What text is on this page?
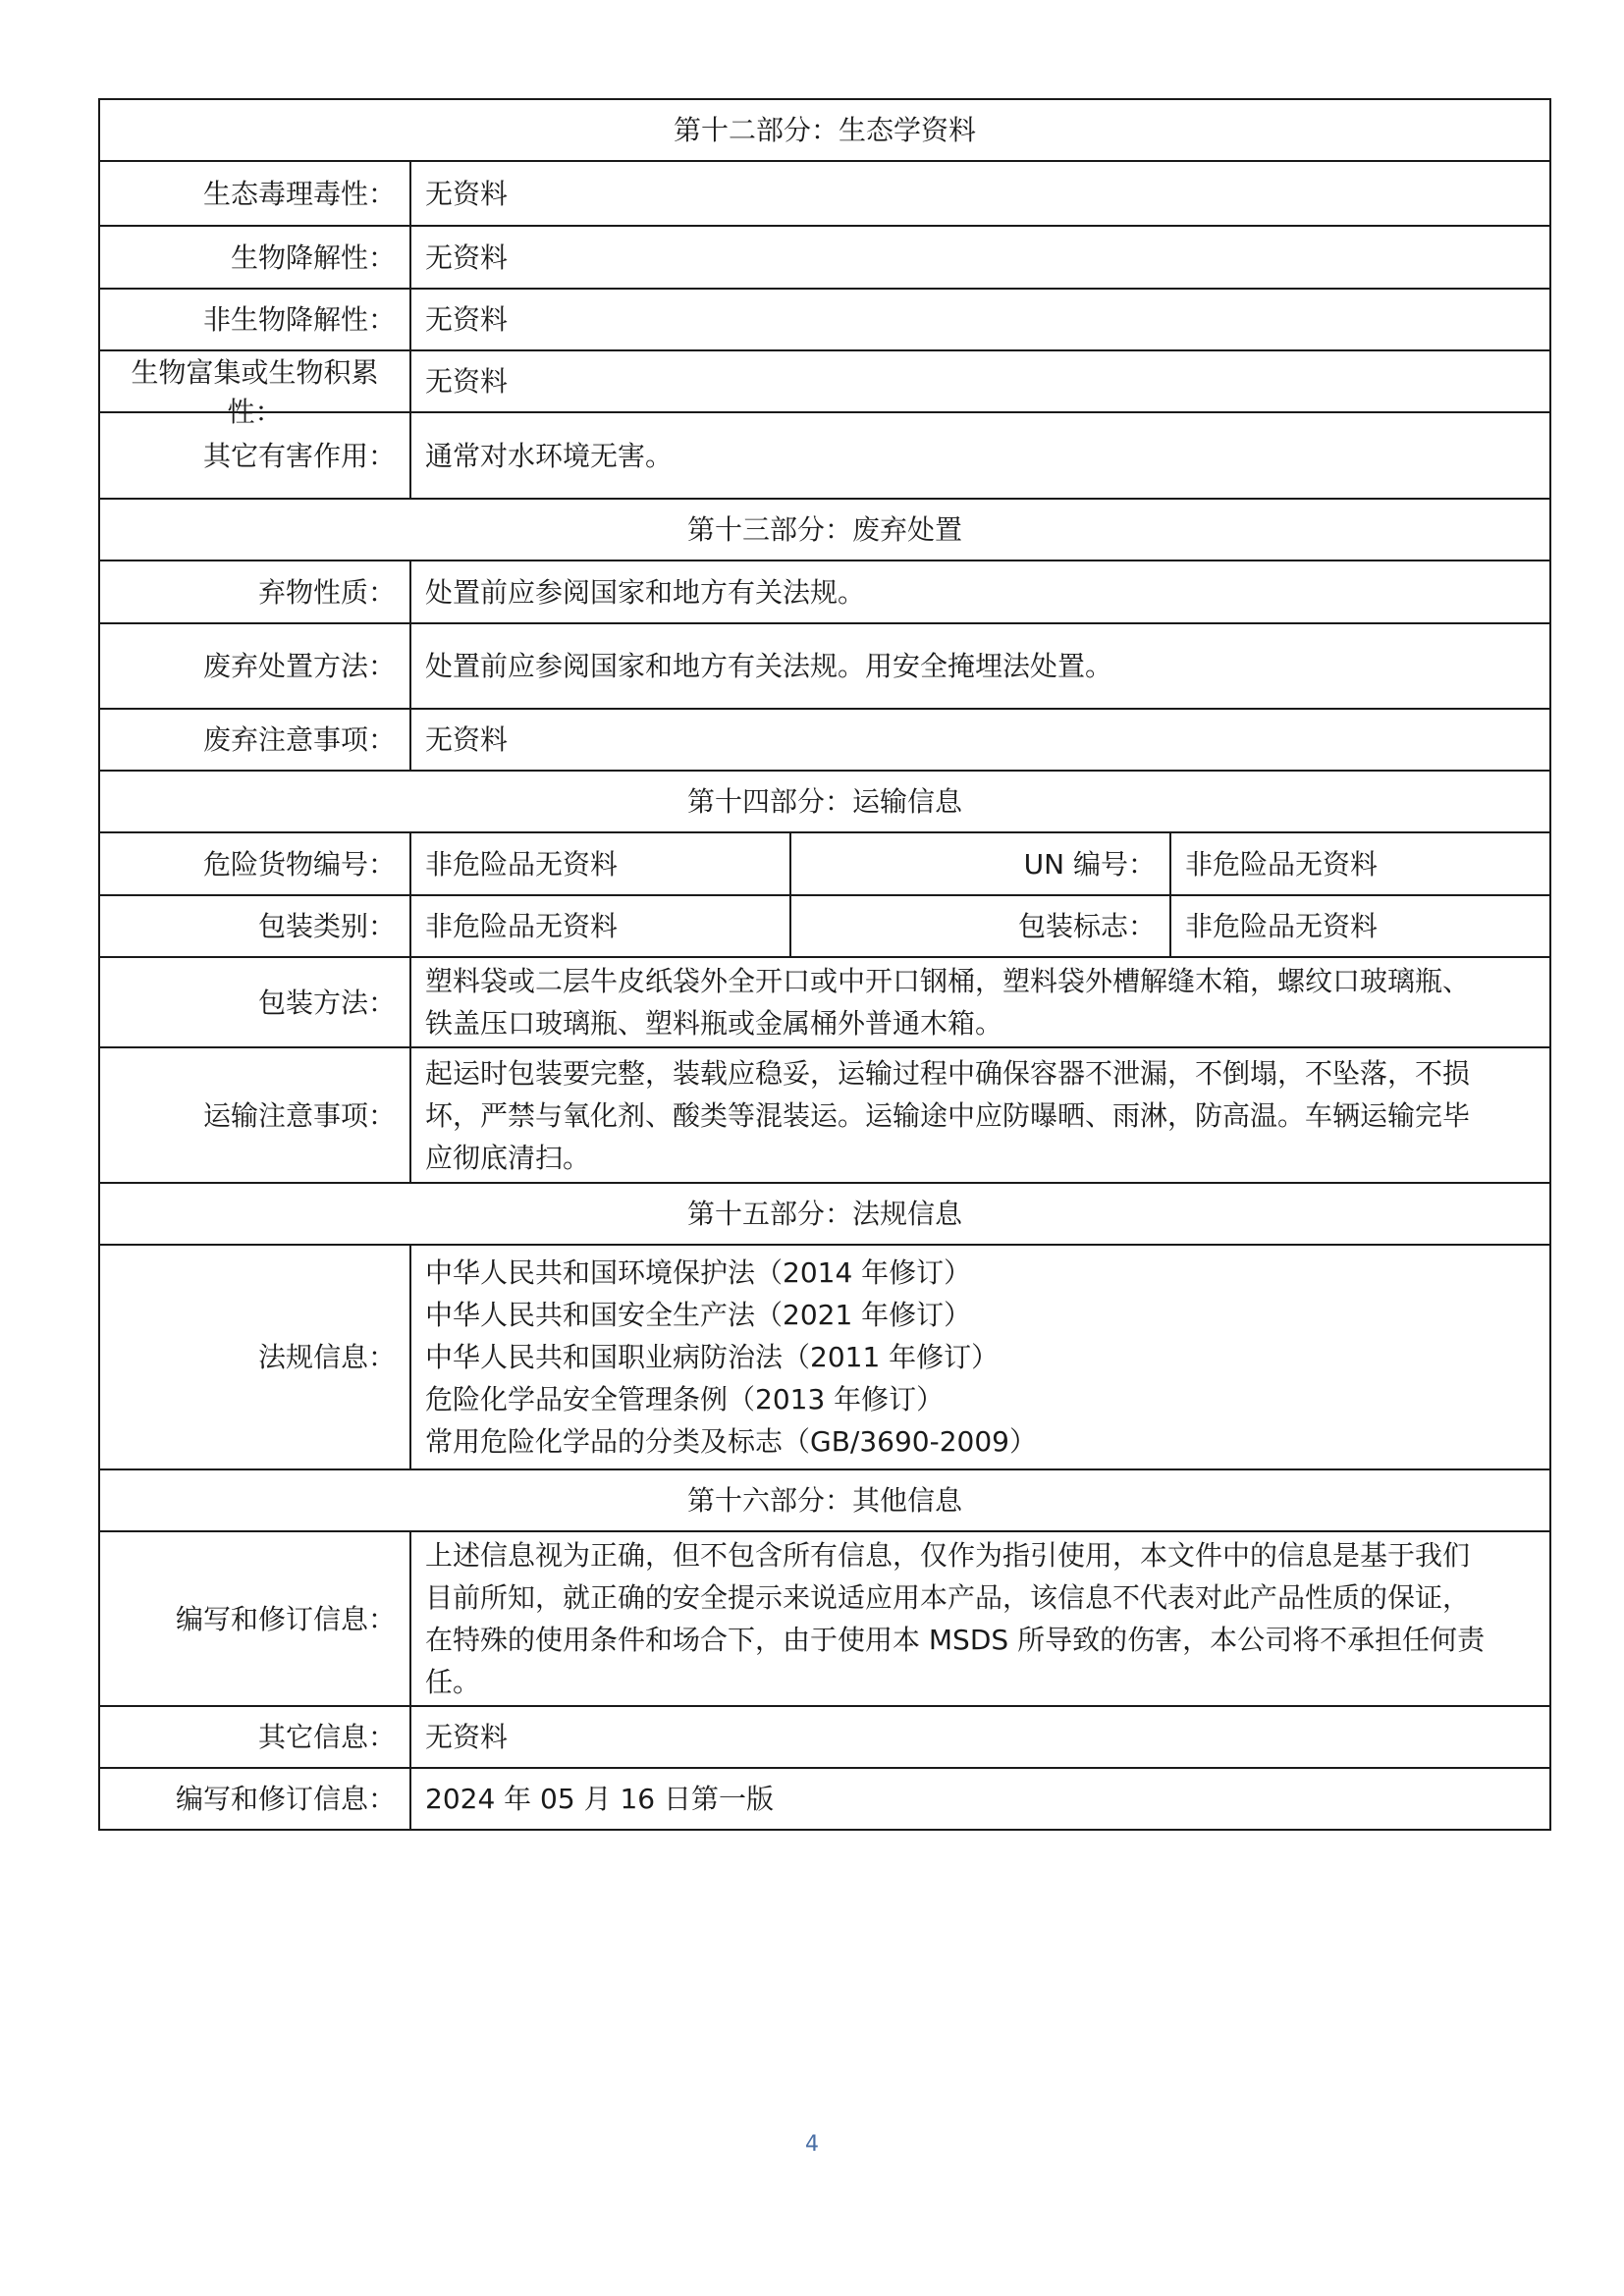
第十二部分：生态学资料			
生态毒理毒性：	无资料		
生物降解性：	无资料		
非生物降解性：	无资料		

生物富集或生物积累性：	无资料		
其它有害作用：	通常对水环境无害。		
第十三部分：废弃处置			
弃物性质：	处置前应参阅国家和地方有关法规。		
废弃处置方法：	处置前应参阅国家和地方有关法规。用安全掩埋法处置。		
废弃注意事项：	无资料		
第十四部分：运输信息			
危险货物编号：	非危险品无资料	UN 编号：	非危险品无资料
包装类别：	非危险品无资料	包装标志：	非危险品无资料
包装方法：	塑料袋或二层牛皮纸袋外全开口或中开口钢桶，塑料袋外槽解缝木箱，螺纹口玻璃瓶、
铁盖压口玻璃瓶、塑料瓶或金属桶外普通木箱。		

运输注意事项：	起运时包装要完整，装载应稳妥，运输过程中确保容器不泄漏，不倒塌，不坠落，不损
坏，严禁与氧化剂、酸类等混装运。运输途中应防曝晒、雨淋，防高温。车辆运输完毕
应彻底清扫。		

第十五部分：法规信息			
法规信息：	中华人民共和国环境保护法（2014 年修订）
中华人民共和国安全生产法（2021 年修订）
中华人民共和国职业病防治法（2011 年修订）
危险化学品安全管理条例（2013 年修订）
常用危险化学品的分类及标志（GB/3690-2009）		

第十六部分：其他信息			
编写和修订信息：	上述信息视为正确，但不包含所有信息，仅作为指引使用，本文件中的信息是基于我们
目前所知，就正确的安全提示来说适应用本产品，该信息不代表对此产品性质的保证，
在特殊的使用条件和场合下，由于使用本 MSDS 所导致的伤害，本公司将不承担任何责
任。		

其它信息：	无资料		
编写和修订信息：	2024 年 05 月 16 日第一版		
4
